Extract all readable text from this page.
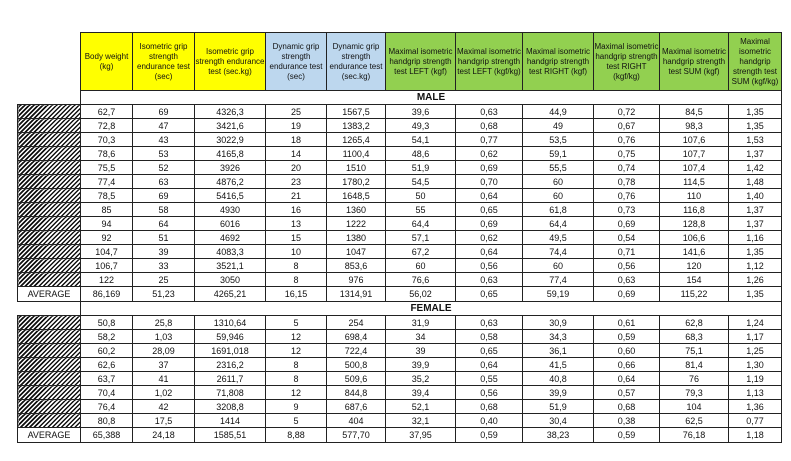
	Body weight (kg)	Isometric grip strength endurance test (sec)	Isometric grip strength endurance test (sec.kg)	Dynamic grip strength endurance test (sec)	Dynamic grip strength endurance test (sec.kg)	Maximal isometric handgrip strength test LEFT (kgf)	Maximal isometric handgrip strength test LEFT (kgf/kg)	Maximal isometric handgrip strength test RIGHT (kgf)	Maximal isometric handgrip strength test RIGHT (kgf/kg)	Maximal isometric handgrip strength test SUM (kgf)	Maximal isometric handgrip strength test SUM (kgf/kg)
	MALE										
	62,7	69	4326,3	25	1567,5	39,6	0,63	44,9	0,72	84,5	1,35
	72,8	47	3421,6	19	1383,2	49,3	0,68	49	0,67	98,3	1,35
	70,3	43	3022,9	18	1265,4	54,1	0,77	53,5	0,76	107,6	1,53
	78,6	53	4165,8	14	1100,4	48,6	0,62	59,1	0,75	107,7	1,37
	75,5	52	3926	20	1510	51,9	0,69	55,5	0,74	107,4	1,42
	77,4	63	4876,2	23	1780,2	54,5	0,70	60	0,78	114,5	1,48
	78,5	69	5416,5	21	1648,5	50	0,64	60	0,76	110	1,40
	85	58	4930	16	1360	55	0,65	61,8	0,73	116,8	1,37
	94	64	6016	13	1222	64,4	0,69	64,4	0,69	128,8	1,37
	92	51	4692	15	1380	57,1	0,62	49,5	0,54	106,6	1,16
	104,7	39	4083,3	10	1047	67,2	0,64	74,4	0,71	141,6	1,35
	106,7	33	3521,1	8	853,6	60	0,56	60	0,56	120	1,12
	122	25	3050	8	976	76,6	0,63	77,4	0,63	154	1,26
AVERAGE	86,169	51,23	4265,21	16,15	1314,91	56,02	0,65	59,19	0,69	115,22	1,35
	FEMALE										
	50,8	25,8	1310,64	5	254	31,9	0,63	30,9	0,61	62,8	1,24
	58,2	1,03	59,946	12	698,4	34	0,58	34,3	0,59	68,3	1,17
	60,2	28,09	1691,018	12	722,4	39	0,65	36,1	0,60	75,1	1,25
	62,6	37	2316,2	8	500,8	39,9	0,64	41,5	0,66	81,4	1,30
	63,7	41	2611,7	8	509,6	35,2	0,55	40,8	0,64	76	1,19
	70,4	1,02	71,808	12	844,8	39,4	0,56	39,9	0,57	79,3	1,13
	76,4	42	3208,8	9	687,6	52,1	0,68	51,9	0,68	104	1,36
	80,8	17,5	1414	5	404	32,1	0,40	30,4	0,38	62,5	0,77
AVERAGE	65,388	24,18	1585,51	8,88	577,70	37,95	0,59	38,23	0,59	76,18	1,18
